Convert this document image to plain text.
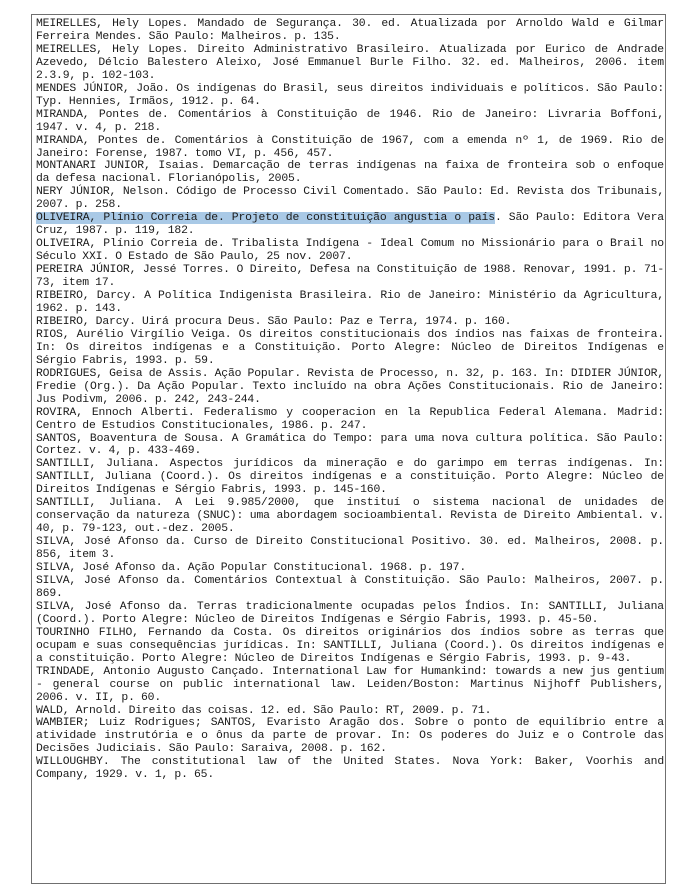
MEIRELLES, Hely Lopes. Mandado de Segurança. 30. ed. Atualizada por Arnoldo Wald e Gilmar Ferreira Mendes. São Paulo: Malheiros. p. 135.

MEIRELLES, Hely Lopes. Direito Administrativo Brasileiro. Atualizada por Eurico de Andrade Azevedo, Délcio Balestero Aleixo, José Emmanuel Burle Filho. 32. ed. Malheiros, 2006. item 2.3.9, p. 102-103.

MENDES JÚNIOR, João. Os indígenas do Brasil, seus direitos individuais e políticos. São Paulo: Typ. Hennies, Irmãos, 1912. p. 64.

MIRANDA, Pontes de. Comentários à Constituição de 1946. Rio de Janeiro: Livraria Boffoni, 1947. v. 4, p. 218.

MIRANDA, Pontes de. Comentários à Constituição de 1967, com a emenda nº 1, de 1969. Rio de Janeiro: Forense, 1987. tomo VI, p. 456, 457.

MONTANARI JUNIOR, Isaias. Demarcação de terras indígenas na faixa de fronteira sob o enfoque da defesa nacional. Florianópolis, 2005.

NERY JÚNIOR, Nelson. Código de Processo Civil Comentado. São Paulo: Ed. Revista dos Tribunais, 2007. p. 258.

OLIVEIRA, Plínio Correia de. Projeto de constituição angustia o país. São Paulo: Editora Vera Cruz, 1987. p. 119, 182.

OLIVEIRA, Plínio Correia de. Tribalista Indígena - Ideal Comum no Missionário para o Brail no Século XXI. O Estado de São Paulo, 25 nov. 2007.

PEREIRA JÚNIOR, Jessé Torres. O Direito, Defesa na Constituição de 1988. Renovar, 1991. p. 71-73, item 17.

RIBEIRO, Darcy. A Política Indigenista Brasileira. Rio de Janeiro: Ministério da Agricultura, 1962. p. 143.

RIBEIRO, Darcy. Uirá procura Deus. São Paulo: Paz e Terra, 1974. p. 160.

RIOS, Aurélio Virgílio Veiga. Os direitos constitucionais dos índios nas faixas de fronteira. In: Os direitos indígenas e a Constituição. Porto Alegre: Núcleo de Direitos Indígenas e Sérgio Fabris, 1993. p. 59.

RODRIGUES, Geisa de Assis. Ação Popular. Revista de Processo, n. 32, p. 163. In: DIDIER JÚNIOR, Fredie (Org.). Da Ação Popular. Texto incluído na obra Ações Constitucionais. Rio de Janeiro: Jus Podivm, 2006. p. 242, 243-244.

ROVIRA, Ennoch Alberti. Federalismo y cooperacion en la Republica Federal Alemana. Madrid: Centro de Estudios Constitucionales, 1986. p. 247.

SANTOS, Boaventura de Sousa. A Gramática do Tempo: para uma nova cultura política. São Paulo: Cortez. v. 4, p. 433-469.

SANTILLI, Juliana. Aspectos jurídicos da mineração e do garimpo em terras indígenas. In: SANTILLI, Juliana (Coord.). Os direitos indígenas e a constituição. Porto Alegre: Núcleo de Direitos Indígenas e Sérgio Fabris, 1993. p. 145-160.

SANTILLI, Juliana. A Lei 9.985/2000, que instituí o sistema nacional de unidades de conservação da natureza (SNUC): uma abordagem socioambiental. Revista de Direito Ambiental. v. 40, p. 79-123, out.-dez. 2005.

SILVA, José Afonso da. Curso de Direito Constitucional Positivo. 30. ed. Malheiros, 2008. p. 856, item 3.

SILVA, José Afonso da. Ação Popular Constitucional. 1968. p. 197.

SILVA, José Afonso da. Comentários Contextual à Constituição. São Paulo: Malheiros, 2007. p. 869.

SILVA, José Afonso da. Terras tradicionalmente ocupadas pelos Índios. In: SANTILLI, Juliana (Coord.). Porto Alegre: Núcleo de Direitos Indígenas e Sérgio Fabris, 1993. p. 45-50.

TOURINHO FILHO, Fernando da Costa. Os direitos originários dos índios sobre as terras que ocupam e suas consequências jurídicas. In: SANTILLI, Juliana (Coord.). Os direitos indígenas e a constituição. Porto Alegre: Núcleo de Direitos Indígenas e Sérgio Fabris, 1993. p. 9-43.

TRINDADE, Antonio Augusto Cançado. International Law for Humankind: towards a new jus gentium - general course on public international law. Leiden/Boston: Martinus Nijhoff Publishers, 2006. v. II, p. 60.

WALD, Arnold. Direito das coisas. 12. ed. São Paulo: RT, 2009. p. 71.

WAMBIER; Luiz Rodrigues; SANTOS, Evaristo Aragão dos. Sobre o ponto de equilíbrio entre a atividade instrutória e o ônus da parte de provar. In: Os poderes do Juiz e o Controle das Decisões Judiciais. São Paulo: Saraiva, 2008. p. 162.

WILLOUGHBY. The constitutional law of the United States. Nova York: Baker, Voorhis and Company, 1929. v. 1, p. 65.
